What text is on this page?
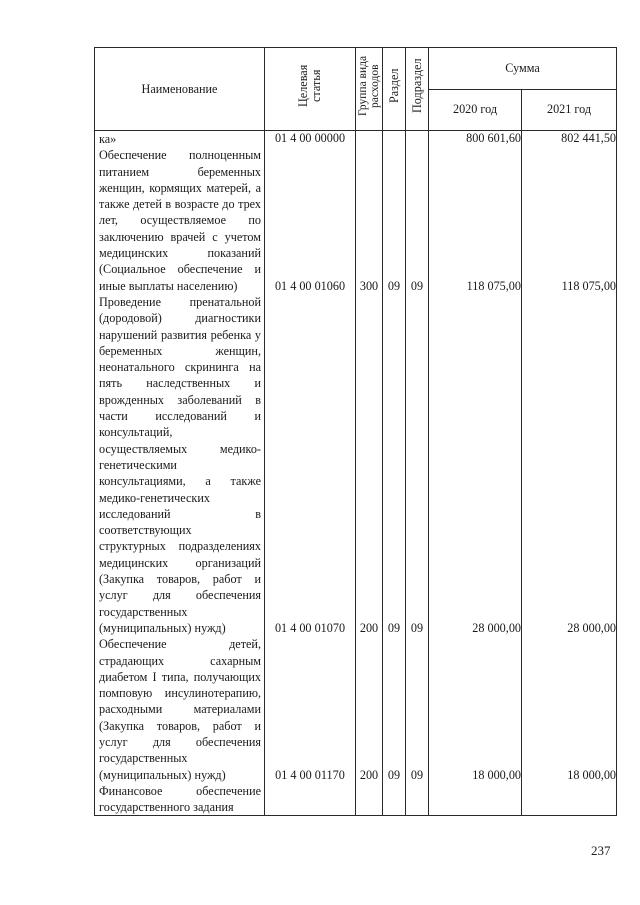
Наименование	Целевая статья	Группа вида расходов	Раздел	Подраздел	Сумма	
					2020 год	2021 год
ка»	01 4 00 00000				800 601,60	802 441,50
Обеспечение полноценным питанием беременных женщин, кормящих матерей, а также детей в возрасте до трех лет, осуществляемое по заключению врачей с учетом медицинских показаний (Социальное обеспечение и иные выплаты населению)	01 4 00 01060	300	09	09	118 075,00	118 075,00
Проведение пренатальной (дородовой) диагностики нарушений развития ребенка у беременных женщин, неонатального скрининга на пять наследственных и врожденных заболеваний в части исследований и консультаций, осуществляемых медико-генетическими консультациями, а также медико-генетических исследований в соответствующих структурных подразделениях медицинских организаций (Закупка товаров, работ и услуг для обеспечения государственных (муниципальных) нужд)	01 4 00 01070	200	09	09	28 000,00	28 000,00
Обеспечение детей, страдающих сахарным диабетом I типа, получающих помповую инсулинотерапию, расходными материалами (Закупка товаров, работ и услуг для обеспечения государственных (муниципальных) нужд)	01 4 00 01170	200	09	09	18 000,00	18 000,00
Финансовое обеспечение государственного задания						
237
